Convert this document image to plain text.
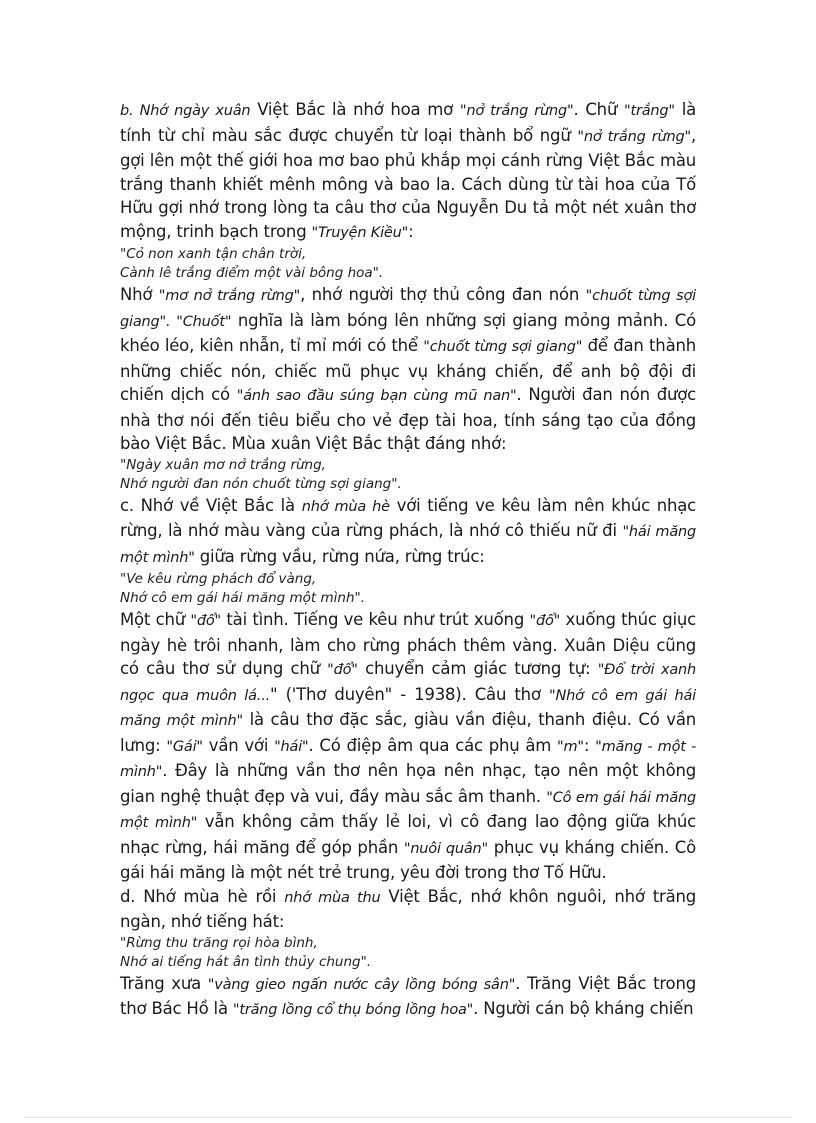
b. Nhớ ngày xuân Việt Bắc là nhớ hoa mơ "nở trắng rừng". Chữ "trắng" là tính từ chỉ màu sắc được chuyển từ loại thành bổ ngữ "nở trắng rừng", gợi lên một thế giới hoa mơ bao phủ khắp mọi cánh rừng Việt Bắc màu trắng thanh khiết mênh mông và bao la. Cách dùng từ tài hoa của Tố Hữu gợi nhớ trong lòng ta câu thơ của Nguyễn Du tả một nét xuân thơ mộng, trinh bạch trong "Truyện Kiều":

"Cỏ non xanh tận chân trời,

Cành lê trắng điểm một vài bông hoa".

Nhớ "mơ nở trắng rừng", nhớ người thợ thủ công đan nón "chuốt từng sợi giang". "Chuốt" nghĩa là làm bóng lên những sợi giang mỏng mảnh. Có khéo léo, kiên nhẫn, tỉ mỉ mới có thể "chuốt từng sợi giang" để đan thành những chiếc nón, chiếc mũ phục vụ kháng chiến, để anh bộ đội đi chiến dịch có "ánh sao đầu súng bạn cùng mũ nan". Người đan nón được nhà thơ nói đến tiêu biểu cho vẻ đẹp tài hoa, tính sáng tạo của đồng bào Việt Bắc. Mùa xuân Việt Bắc thật đáng nhớ:

"Ngày xuân mơ nở trắng rừng,

Nhớ người đan nón chuốt từng sợi giang".

c. Nhớ về Việt Bắc là nhớ mùa hè với tiếng ve kêu làm nên khúc nhạc rừng, là nhớ màu vàng của rừng phách, là nhớ cô thiếu nữ đi "hái măng một mình" giữa rừng vầu, rừng nứa, rừng trúc:

"Ve kêu rừng phách đổ vàng,

Nhớ cô em gái hái măng một mình".

Một chữ "đổ" tài tình. Tiếng ve kêu như trút xuống "đổ" xuống thúc giục ngày hè trôi nhanh, làm cho rừng phách thêm vàng. Xuân Diệu cũng có câu thơ sử dụng chữ "đổ" chuyển cảm giác tương tự: "Đổ trời xanh ngọc qua muôn lá..." ('Thơ duyên" - 1938). Câu thơ "Nhớ cô em gái hái măng một mình" là câu thơ đặc sắc, giàu vần điệu, thanh điệu. Có vần lưng: "Gái" vần với "hái". Có điệp âm qua các phụ âm "m": "măng - một - mình". Đây là những vần thơ nên họa nên nhạc, tạo nên một không gian nghệ thuật đẹp và vui, đầy màu sắc âm thanh. "Cô em gái hái măng một mình" vẫn không cảm thấy lẻ loi, vì cô đang lao động giữa khúc nhạc rừng, hái măng để góp phần "nuôi quân" phục vụ kháng chiến. Cô gái hái măng là một nét trẻ trung, yêu đời trong thơ Tố Hữu.

d. Nhớ mùa hè rồi nhớ mùa thu Việt Bắc, nhớ khôn nguôi, nhớ trăng ngàn, nhớ tiếng hát:

"Rừng thu trăng rọi hòa bình,

Nhớ ai tiếng hát ân tình thủy chung".

Trăng xưa "vàng gieo ngấn nước cây lồng bóng sân". Trăng Việt Bắc trong thơ Bác Hồ là "trăng lồng cổ thụ bóng lồng hoa". Người cán bộ kháng chiến
